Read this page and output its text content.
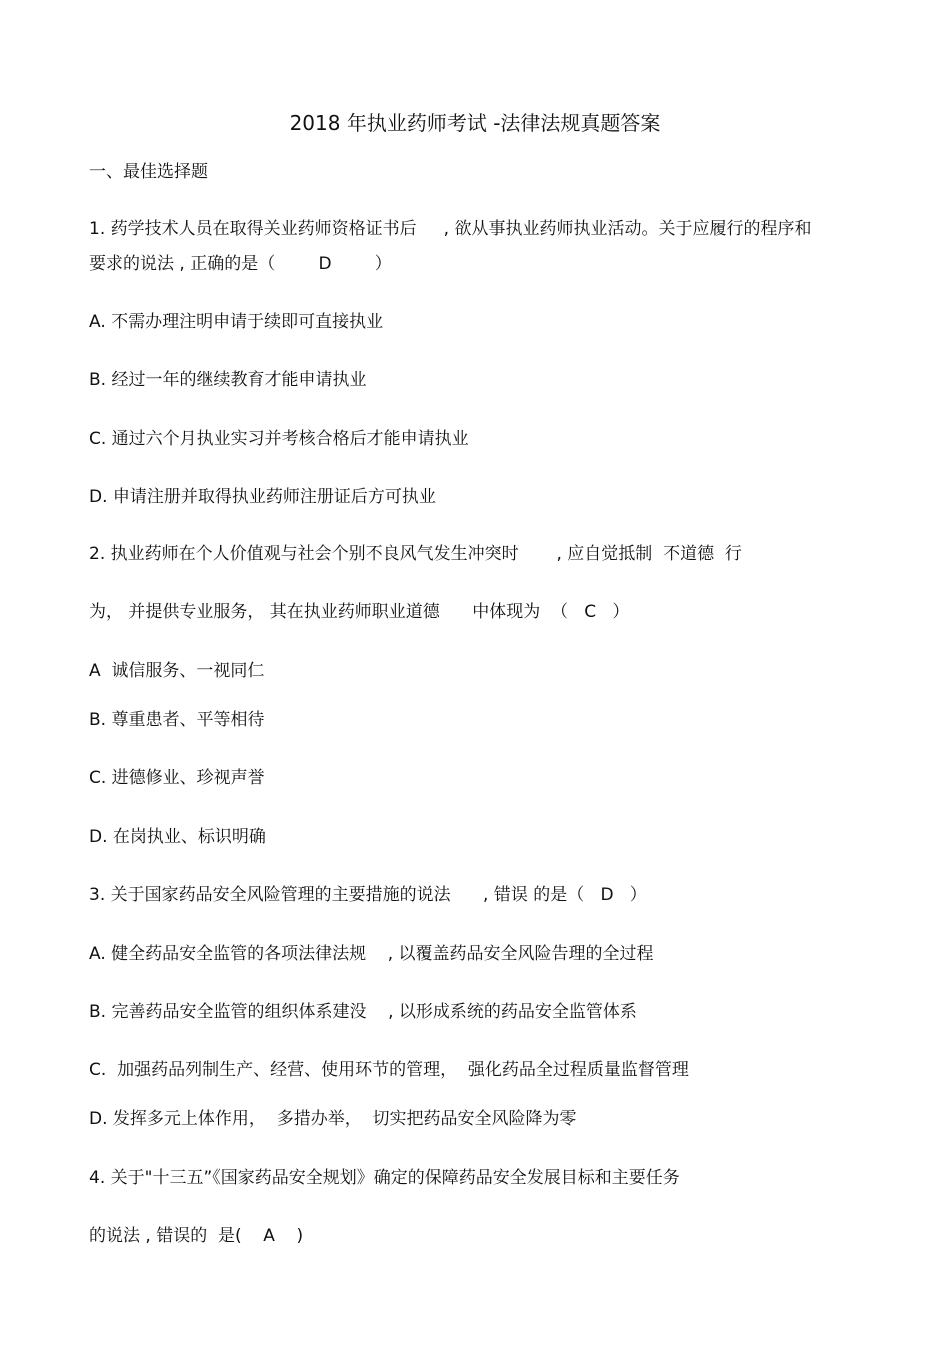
2018 年执业药师考试 -法律法规真题答案
一、最佳选择题
1. 药学技术人员在取得关业药师资格证书后     , 欲从事执业药师执业活动。关于应履行的程序和
要求的说法 , 正确的是（        D        ）
A. 不需办理注明申请于续即可直接执业
B. 经过一年的继续教育才能申请执业
C. 通过六个月执业实习并考核合格后才能申请执业
D. 申请注册并取得执业药师注册证后方可执业
2. 执业药师在个人价值观与社会个别不良风气发生冲突时       , 应自觉抵制  不道德  行
为， 并提供专业服务， 其在执业药师职业道德      中体现为  （   C   ）
A  诚信服务、一视同仁
B. 尊重患者、平等相待
C. 进德修业、珍视声誉
D. 在岗执业、标识明确
3. 关于国家药品安全风险管理的主要措施的说法      , 错误 的是（   D   ）
A. 健全药品安全监管的各项法律法规    , 以覆盖药品安全风险告理的全过程
B. 完善药品安全监管的组织体系建没    , 以形成系统的药品安全监管体系
C.  加强药品列制生产、经营、使用环节的管理，  强化药品全过程质量监督管理
D. 发挥多元上体作用，  多措办举，  切实把药品安全风险降为零
4. 关于"十三五”《国家药品安全规划》确定的保障药品安全发展目标和主要任务
的说法 , 错误的  是(    A    )
